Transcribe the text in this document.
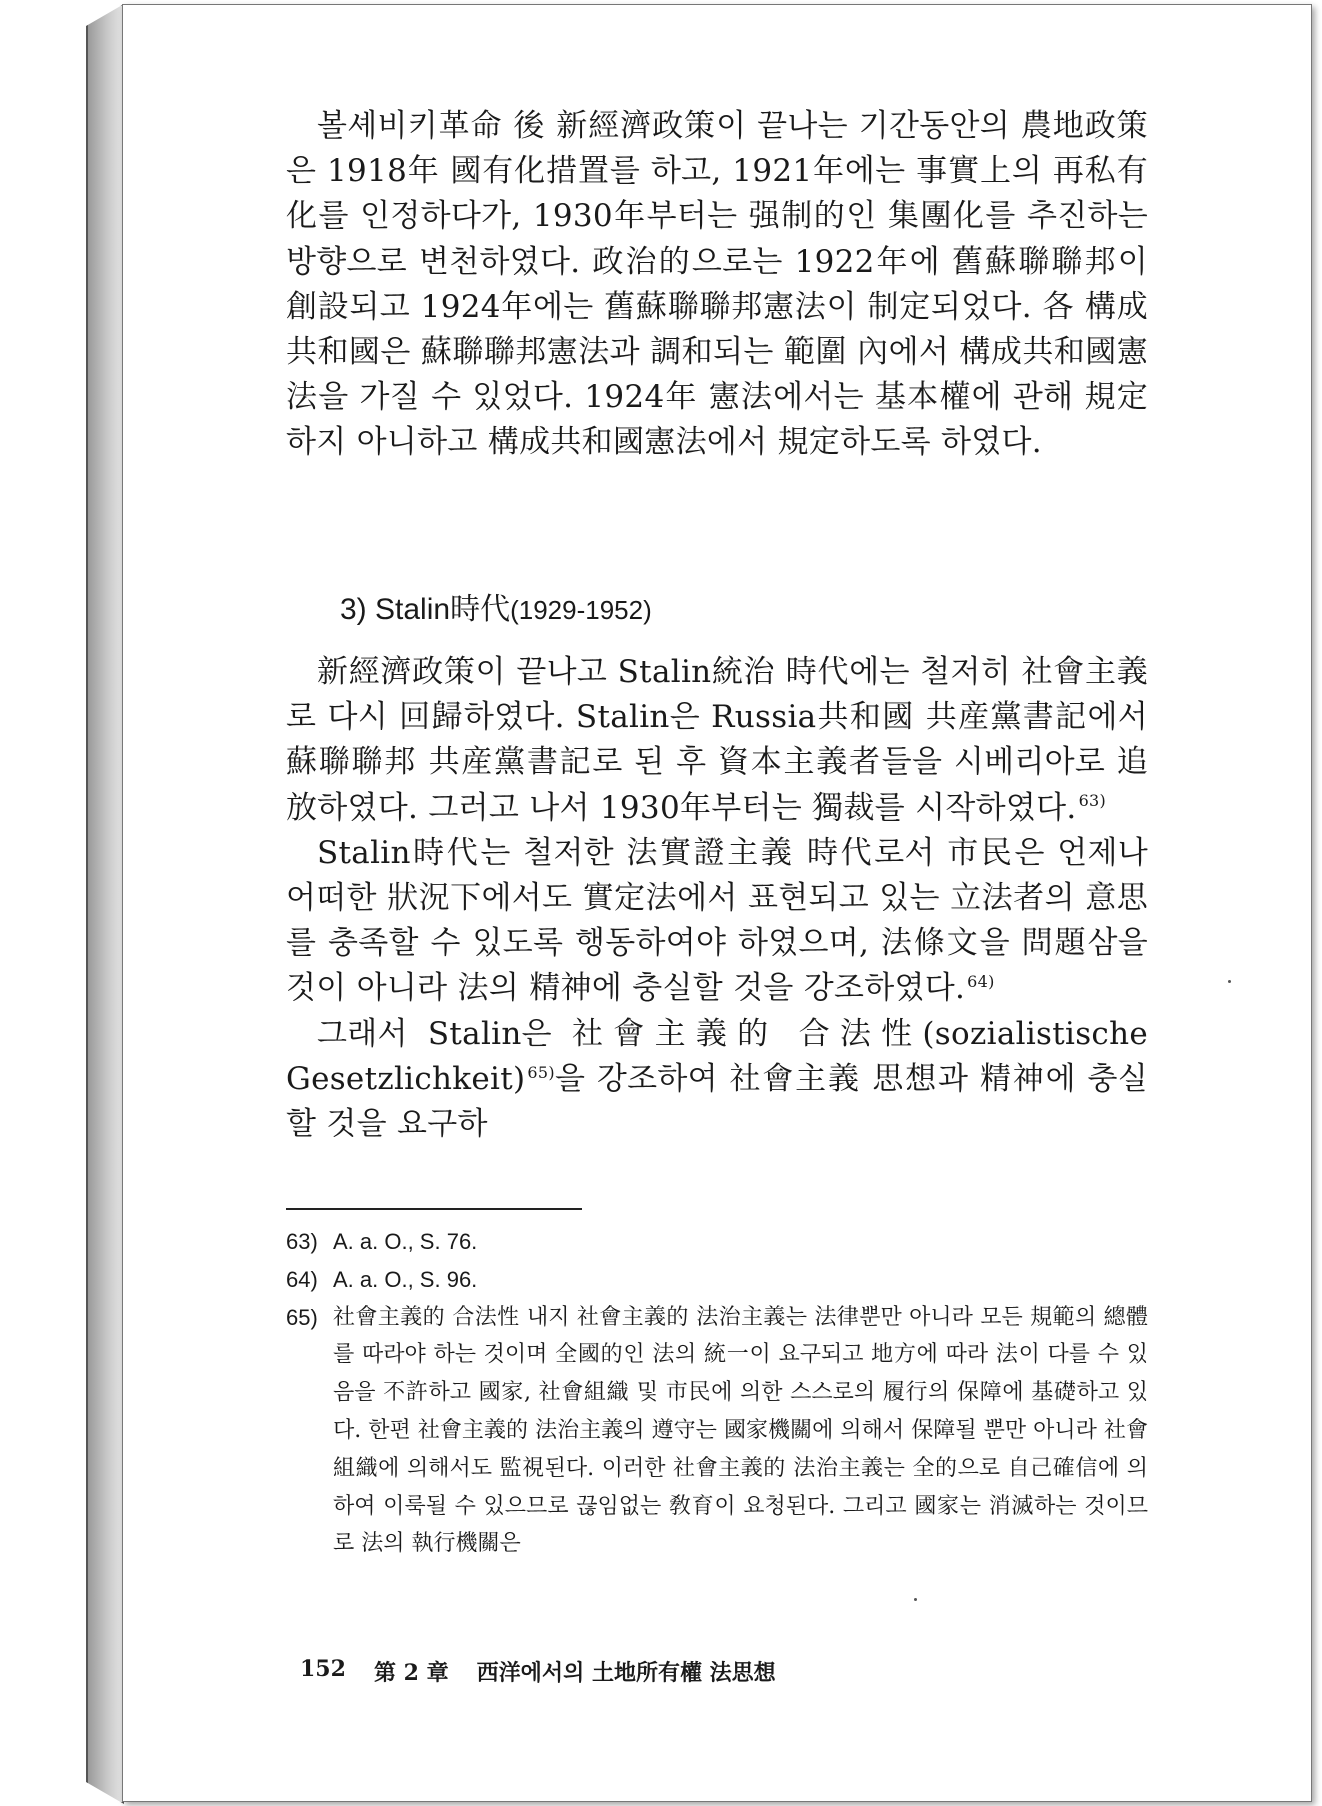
볼셰비키革命 後 新經濟政策이 끝나는 기간동안의 農地政策은 1918年 國有化措置를 하고, 1921年에는 事實上의 再私有化를 인정하다가, 1930年부터는 强制的인 集團化를 추진하는 방향으로 변천하였다. 政治的으로는 1922年에 舊蘇聯聯邦이 創設되고 1924年에는 舊蘇聯聯邦憲法이 制定되었다. 各 構成共和國은 蘇聯聯邦憲法과 調和되는 範圍 內에서 構成共和國憲法을 가질 수 있었다. 1924年 憲法에서는 基本權에 관해 規定하지 아니하고 構成共和國憲法에서 規定하도록 하였다.

3) Stalin時代(1929-1952)

新經濟政策이 끝나고 Stalin統治 時代에는 철저히 社會主義로 다시 回歸하였다. Stalin은 Russia共和國 共産黨書記에서 蘇聯聯邦 共産黨書記로 된 후 資本主義者들을 시베리아로 追放하였다. 그러고 나서 1930年부터는 獨裁를 시작하였다. $^{63)}$

Stalin時代는 철저한 法實證主義 時代로서 市民은 언제나 어떠한 狀況下에서도 實定法에서 표현되고 있는 立法者의 意思를 충족할 수 있도록 행동하여야 하였으며, 法條文을 問題삼을 것이 아니라 法의 精神에 충실할 것을 강조하였다. $^{64)}$

그래서 Stalin은 社會主義的 合法性(sozialistische Gesetzlichkeit) $^{65)}$을 강조하여 社會主義 思想과 精神에 충실할 것을 요구하

63) A. a. O., S. 76.
64) A. a. O., S. 96.
65) 社會主義的 合法性 내지 社會主義的 法治主義는 法律뿐만 아니라 모든 規範의 總體를 따라야 하는 것이며 全國的인 法의 統一이 요구되고 地方에 따라 法이 다를 수 있음을 不許하고 國家, 社會組織 및 市民에 의한 스스로의 履行의 保障에 基礎하고 있다. 한편 社會主義的 法治主義의 遵守는 國家機關에 의해서 保障될 뿐만 아니라 社會組織에 의해서도 監視된다. 이러한 社會主義的 法治主義는 全的으로 自己確信에 의하여 이룩될 수 있으므로 끊임없는 敎育이 요청된다. 그리고 國家는 消滅하는 것이므로 法의 執行機關은
152 第 2 章 西洋에서의 土地所有權 法思想
